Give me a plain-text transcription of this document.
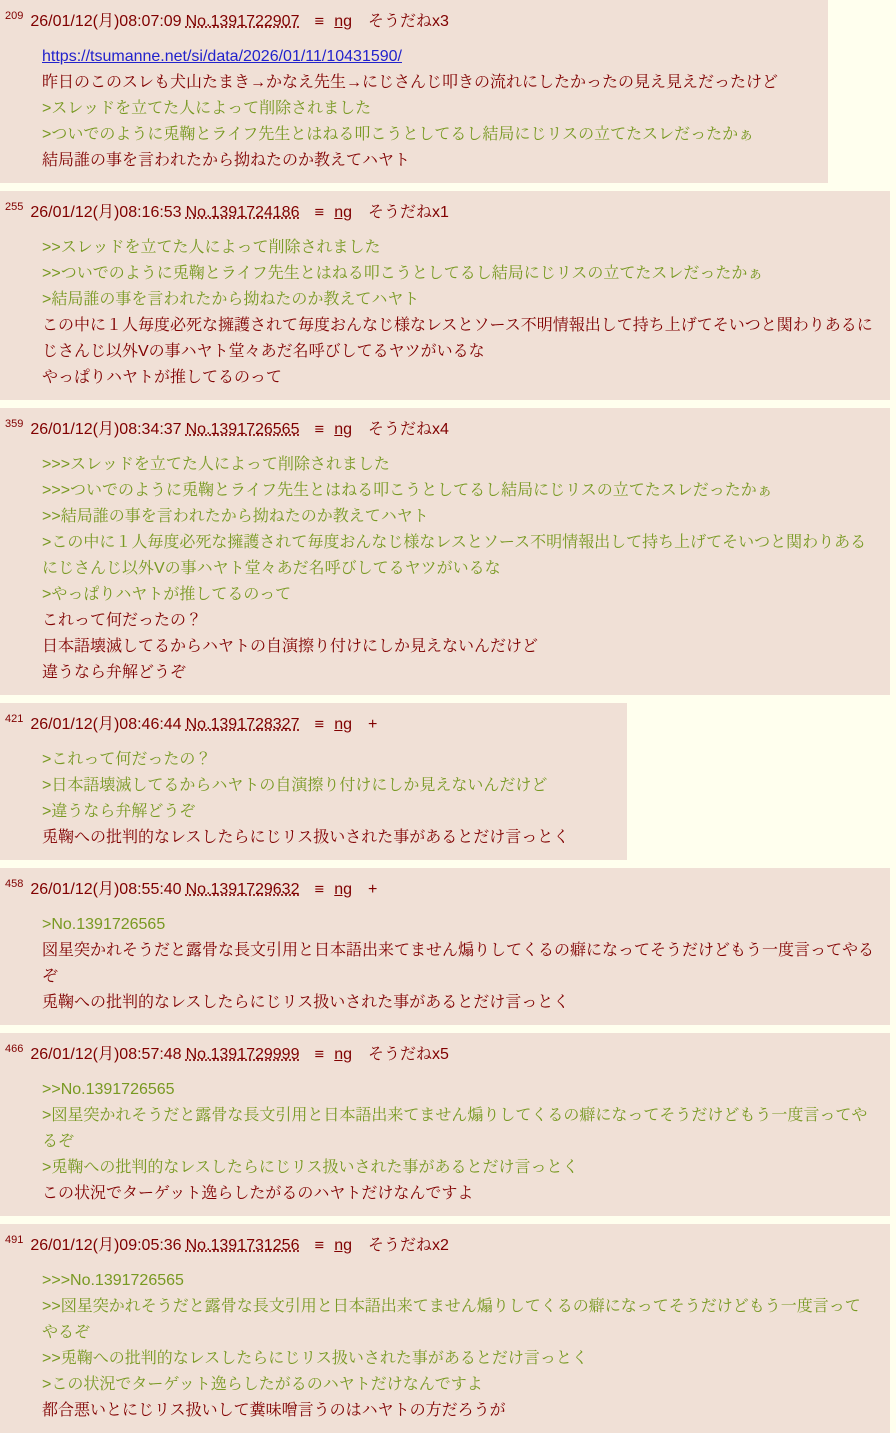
$^{209}$ 26/01/12(月)08:07:09 No.1391722907 ≡ ng そうだねx3
https://tsumanne.net/si/data/2026/01/11/10431590/
昨日のこのスレも犬山たまき→かなえ先生→にじさんじ叩きの流れにしたかったの見え見えだったけど
>スレッドを立てた人によって削除されました
>ついでのように兎鞠とライフ先生とはねる叩こうとしてるし結局にじリスの立てたスレだったかぁ
結局誰の事を言われたから拗ねたのか教えてハヤト

$^{255}$ 26/01/12(月)08:16:53 No.1391724186 ≡ ng そうだねx1
>>スレッドを立てた人によって削除されました
>>ついでのように兎鞠とライフ先生とはねる叩こうとしてるし結局にじリスの立てたスレだったかぁ
>結局誰の事を言われたから拗ねたのか教えてハヤト
この中に１人毎度必死な擁護されて毎度おんなじ様なレスとソース不明情報出して持ち上げてそいつと関わりあるにじさんじ以外Vの事ハヤト堂々あだ名呼びしてるヤツがいるな
やっぱりハヤトが推してるのって

$^{359}$ 26/01/12(月)08:34:37 No.1391726565 ≡ ng そうだねx4
>>>スレッドを立てた人によって削除されました
>>>ついでのように兎鞠とライフ先生とはねる叩こうとしてるし結局にじリスの立てたスレだったかぁ
>>結局誰の事を言われたから拗ねたのか教えてハヤト
>この中に１人毎度必死な擁護されて毎度おんなじ様なレスとソース不明情報出して持ち上げてそいつと関わりあるにじさんじ以外Vの事ハヤト堂々あだ名呼びしてるヤツがいるな
>やっぱりハヤトが推してるのって
これって何だったの？
日本語壊滅してるからハヤトの自演擦り付けにしか見えないんだけど
違うなら弁解どうぞ

$^{421}$ 26/01/12(月)08:46:44 No.1391728327 ≡ ng +
>これって何だったの？
>日本語壊滅してるからハヤトの自演擦り付けにしか見えないんだけど
>違うなら弁解どうぞ
兎鞠への批判的なレスしたらにじリス扱いされた事があるとだけ言っとく

$^{458}$ 26/01/12(月)08:55:40 No.1391729632 ≡ ng +
>No.1391726565
図星突かれそうだと露骨な長文引用と日本語出来てません煽りしてくるの癖になってそうだけどもう一度言ってやるぞ
兎鞠への批判的なレスしたらにじリス扱いされた事があるとだけ言っとく

$^{466}$ 26/01/12(月)08:57:48 No.1391729999 ≡ ng そうだねx5
>>No.1391726565
>図星突かれそうだと露骨な長文引用と日本語出来てません煽りしてくるの癖になってそうだけどもう一度言ってやるぞ
>兎鞠への批判的なレスしたらにじリス扱いされた事があるとだけ言っとく
この状況でターゲット逸らしたがるのハヤトだけなんですよ

$^{491}$ 26/01/12(月)09:05:36 No.1391731256 ≡ ng そうだねx2
>>>No.1391726565
>>図星突かれそうだと露骨な長文引用と日本語出来てません煽りしてくるの癖になってそうだけどもう一度言ってやるぞ
>>兎鞠への批判的なレスしたらにじリス扱いされた事があるとだけ言っとく
>この状況でターゲット逸らしたがるのハヤトだけなんですよ
都合悪いとにじリス扱いして糞味噌言うのはハヤトの方だろうが
